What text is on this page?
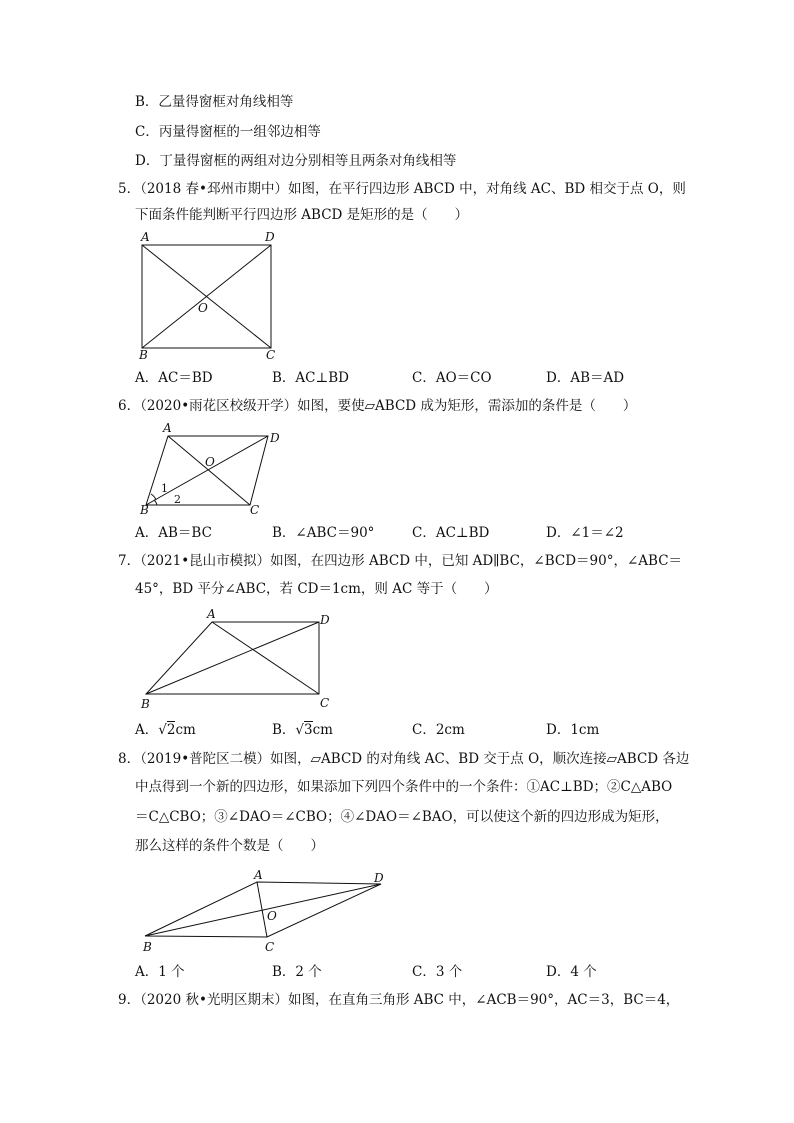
B．乙量得窗框对角线相等
C．丙量得窗框的一组邻边相等
D．丁量得窗框的两组对边分别相等且两条对角线相等
5．（2018 春•邳州市期中）如图，在平行四边形 ABCD 中，对角线 AC、BD 相交于点 O，则
下面条件能判断平行四边形 ABCD 是矩形的是（　　）
A	D
B	C
O
A．AC＝BD	B．AC⊥BD	C．AO＝CO	D．AB＝AD
6．（2020•雨花区校级开学）如图，要使▱ABCD 成为矩形，需添加的条件是（　　）
A
D
B	C
O
1
2
A．AB＝BC	B．∠ABC＝90°	C．AC⊥BD	D．∠1＝∠2
7．（2021•昆山市模拟）如图，在四边形 ABCD 中，已知 AD∥BC，∠BCD＝90°，∠ABC＝
45°，BD 平分∠ABC，若 CD＝1cm，则 AC 等于（　　）
A	D
B	C
A．√2cm	B．√3cm	C．2cm	D．1cm
8．（2019•普陀区二模）如图，▱ABCD 的对角线 AC、BD 交于点 O，顺次连接▱ABCD 各边
中点得到一个新的四边形，如果添加下列四个条件中的一个条件：①AC⊥BD；②C△ABO
＝C△CBO；③∠DAO＝∠CBO；④∠DAO＝∠BAO，可以使这个新的四边形成为矩形，
那么这样的条件个数是（　　）
A	D
B	C
O
A．1 个	B．2 个	C．3 个	D．4 个
9．（2020 秋•光明区期末）如图，在直角三角形 ABC 中，∠ACB＝90°，AC＝3，BC＝4，
